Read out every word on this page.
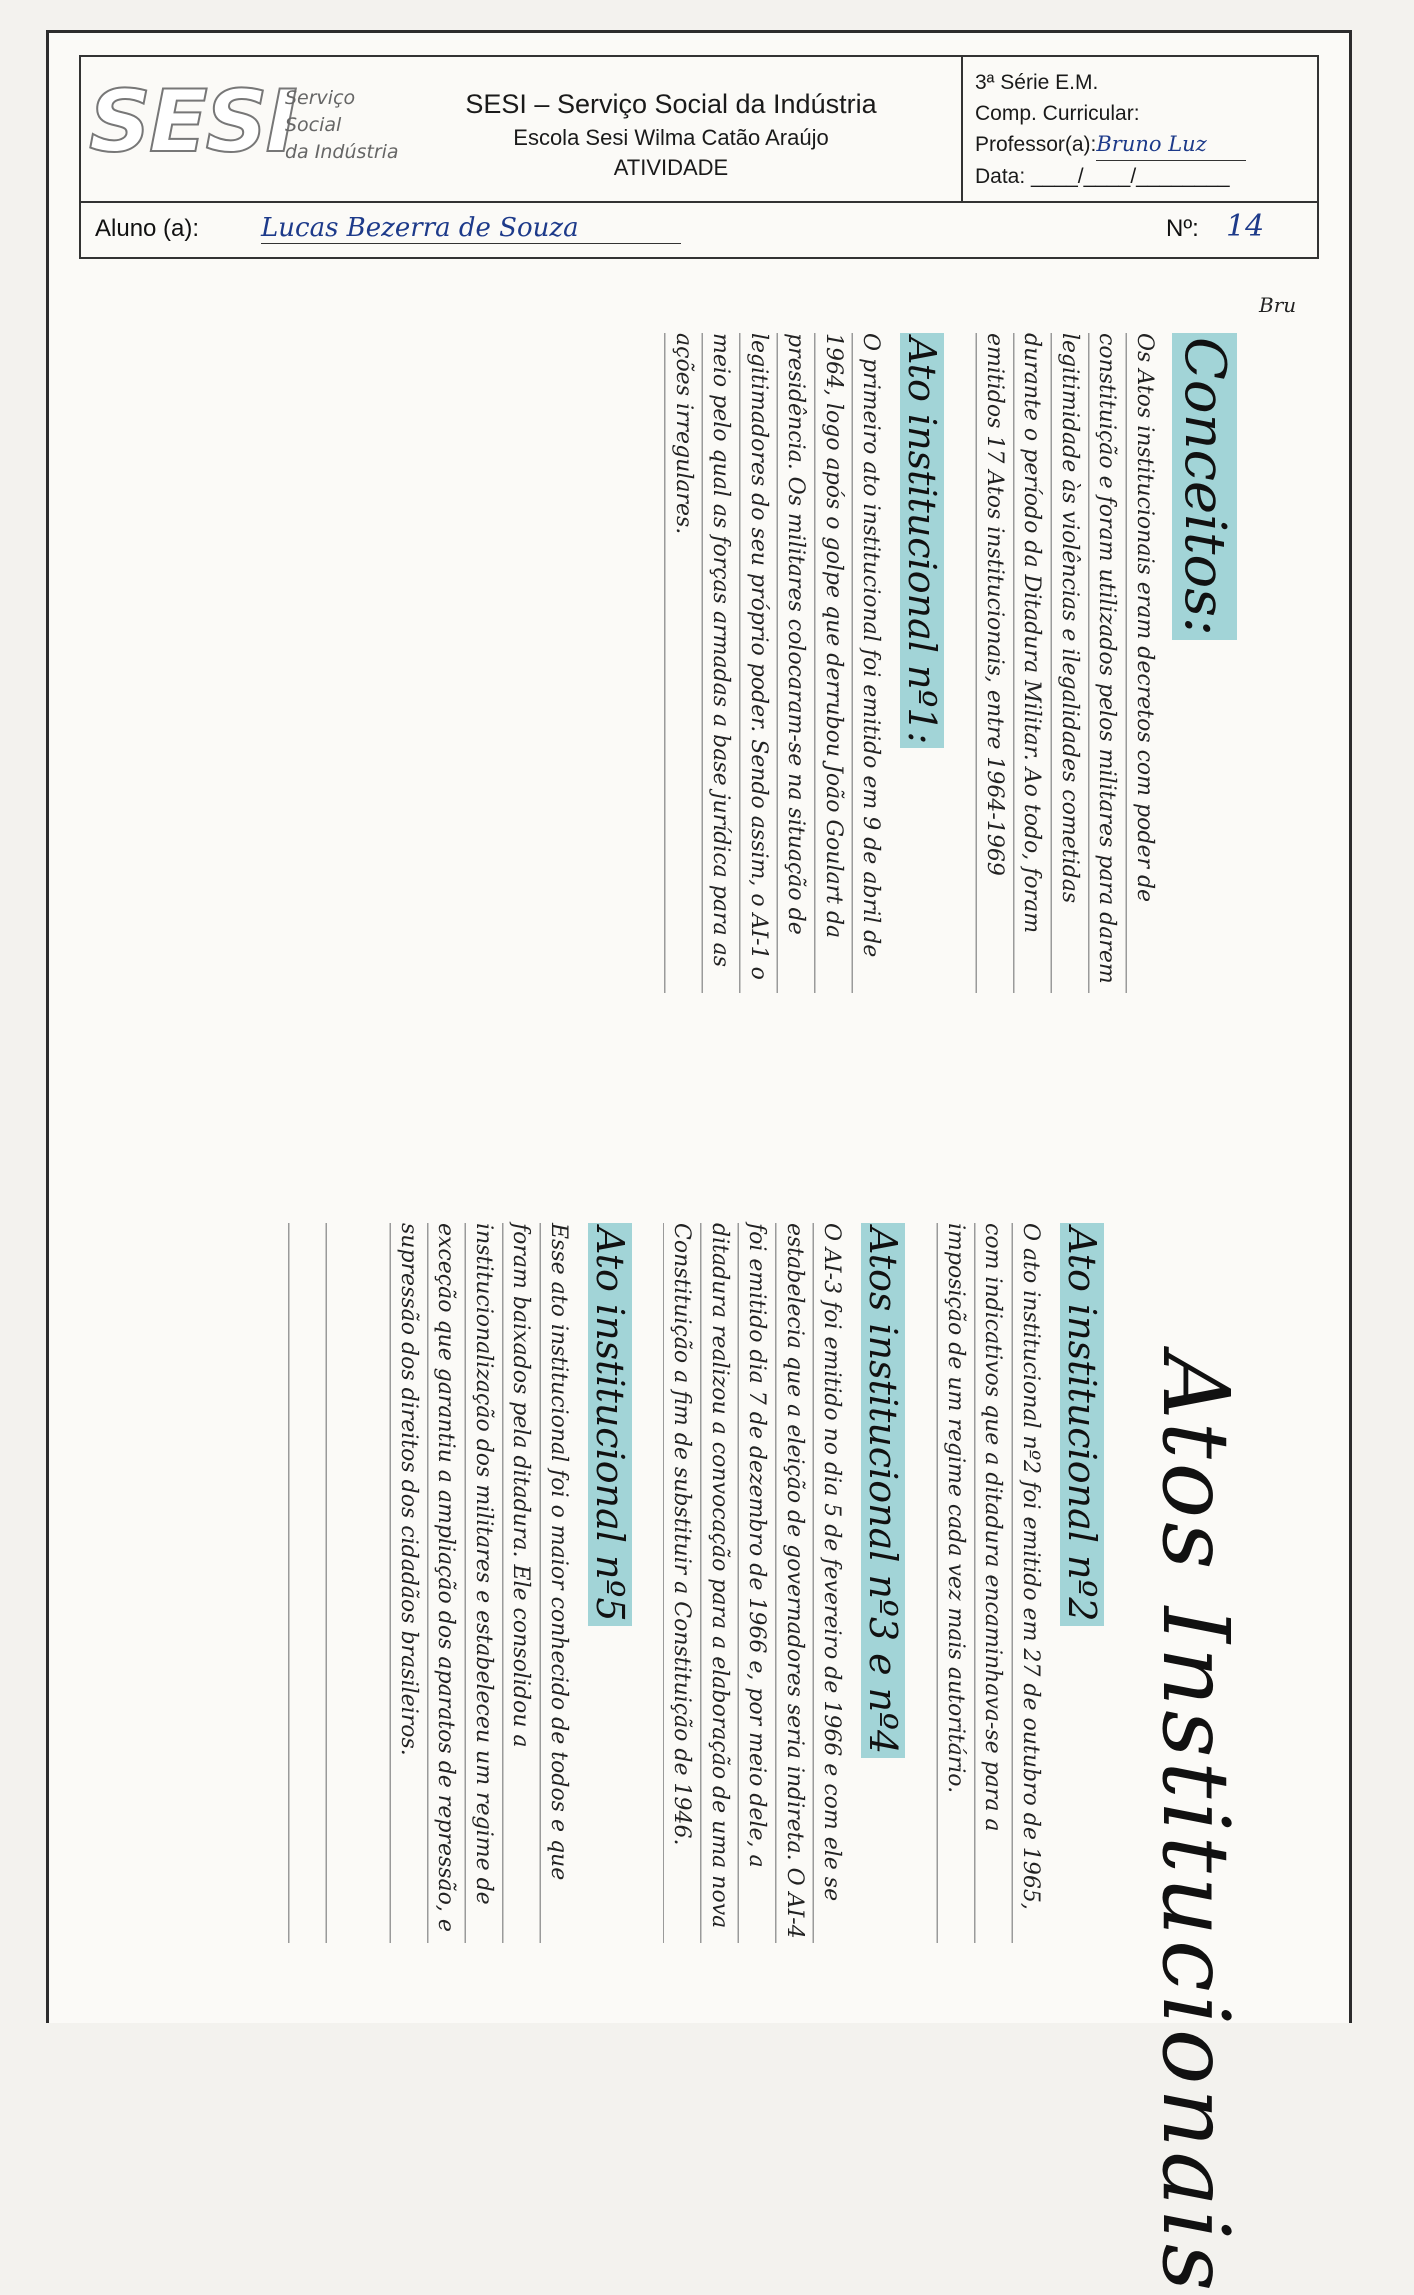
SESI
Serviço
Social
da Indústria
SESI – Serviço Social da Indústria
Escola Sesi Wilma Catão Araújo
ATIVIDADE
3ª Série E.M.
Comp. Curricular:
Professor(a):Bruno Luz
Data: ____/____/________
Aluno (a): Lucas Bezerra de Souza	Nº: 14
Bru
Atos Institucionais
Conceitos:
Os Atos institucionais eram decretos com poder de constituição e foram utilizados pelos militares para darem legitimidade às violências e ilegalidades cometidas durante o período da Ditadura Militar. Ao todo, foram emitidos 17 Atos institucionais, entre 1964-1969
Ato institucional nº1:
O primeiro ato institucional foi emitido em 9 de abril de 1964, logo após o golpe que derrubou João Goulart da presidência. Os militares colocaram-se na situação de legitimadores do seu próprio poder. Sendo assim, o AI-1 o meio pelo qual as forças armadas a base jurídica para as ações irregulares.
Ato institucional nº2
O ato institucional nº2 foi emitido em 27 de outubro de 1965, com indicativos que a ditadura encaminhava-se para a imposição de um regime cada vez mais autoritário.
Atos institucional nº3 e nº4
O AI-3 foi emitido no dia 5 de fevereiro de 1966 e com ele se estabelecia que a eleição de governadores seria indireta. O AI-4 foi emitido dia 7 de dezembro de 1966 e, por meio dele, a ditadura realizou a convocação para a elaboração de uma nova Constituição a fim de substituir a Constituição de 1946.
Ato institucional nº5
Esse ato institucional foi o maior conhecido de todos e que foram baixados pela ditadura. Ele consolidou a institucionalização dos militares e estabeleceu um regime de exceção que garantiu a ampliação dos aparatos de repressão, e supressão dos direitos dos cidadãos brasileiros.
